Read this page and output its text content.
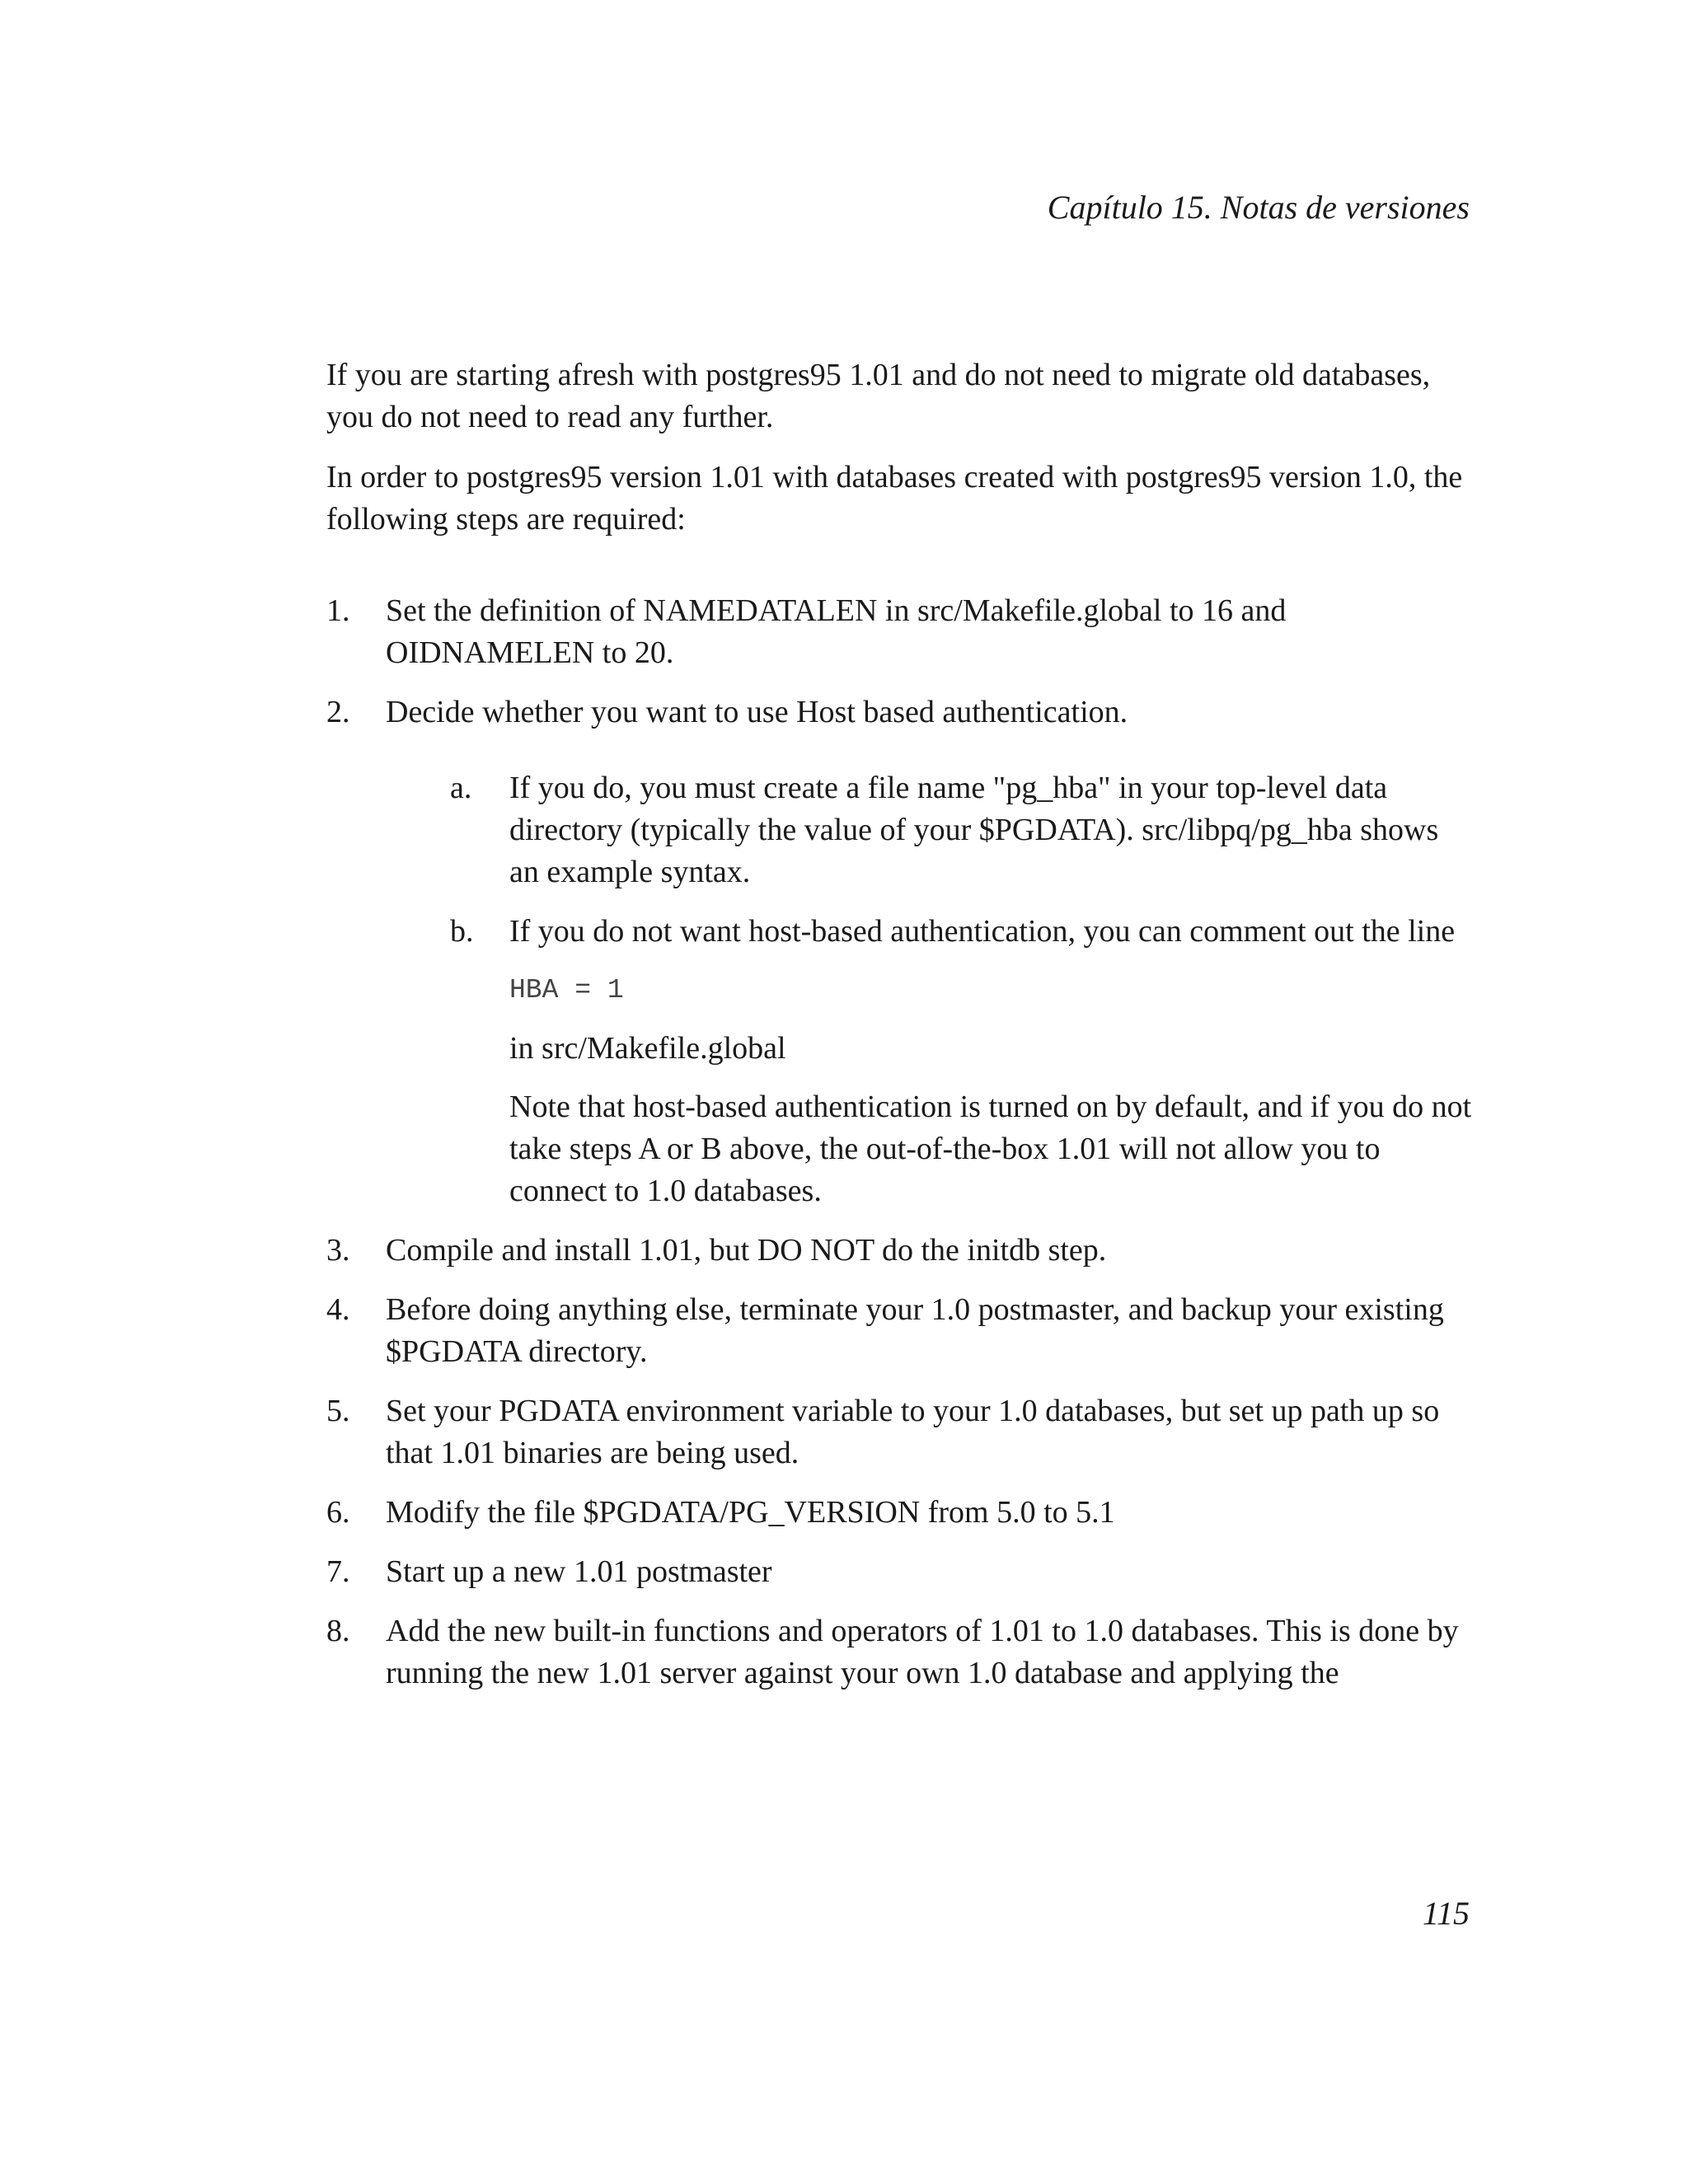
Capítulo 15. Notas de versiones

If you are starting afresh with postgres95 1.01 and do not need to migrate old databases, you do not need to read any further.

In order to postgres95 version 1.01 with databases created with postgres95 version 1.0, the following steps are required:

1.	Set the definition of NAMEDATALEN in src/Makefile.global to 16 and OIDNAMELEN to 20.
2.	Decide whether you want to use Host based authentication.
a. If you do, you must create a file name "pg_hba" in your top-level data directory (typically the value of your $PGDATA). src/libpq/pg_hba shows an example syntax.
b. If you do not want host-based authentication, you can comment out the line
HBA = 1

in src/Makefile.global

Note that host-based authentication is turned on by default, and if you do not take steps A or B above, the out-of-the-box 1.01 will not allow you to connect to 1.0 databases.

3.	Compile and install 1.01, but DO NOT do the initdb step.
4.	Before doing anything else, terminate your 1.0 postmaster, and backup your existing $PGDATA directory.
5.	Set your PGDATA environment variable to your 1.0 databases, but set up path up so that 1.01 binaries are being used.
6.	Modify the file $PGDATA/PG_VERSION from 5.0 to 5.1
7.	Start up a new 1.01 postmaster
8.	Add the new built-in functions and operators of 1.01 to 1.0 databases. This is done by running the new 1.01 server against your own 1.0 database and applying the
115
